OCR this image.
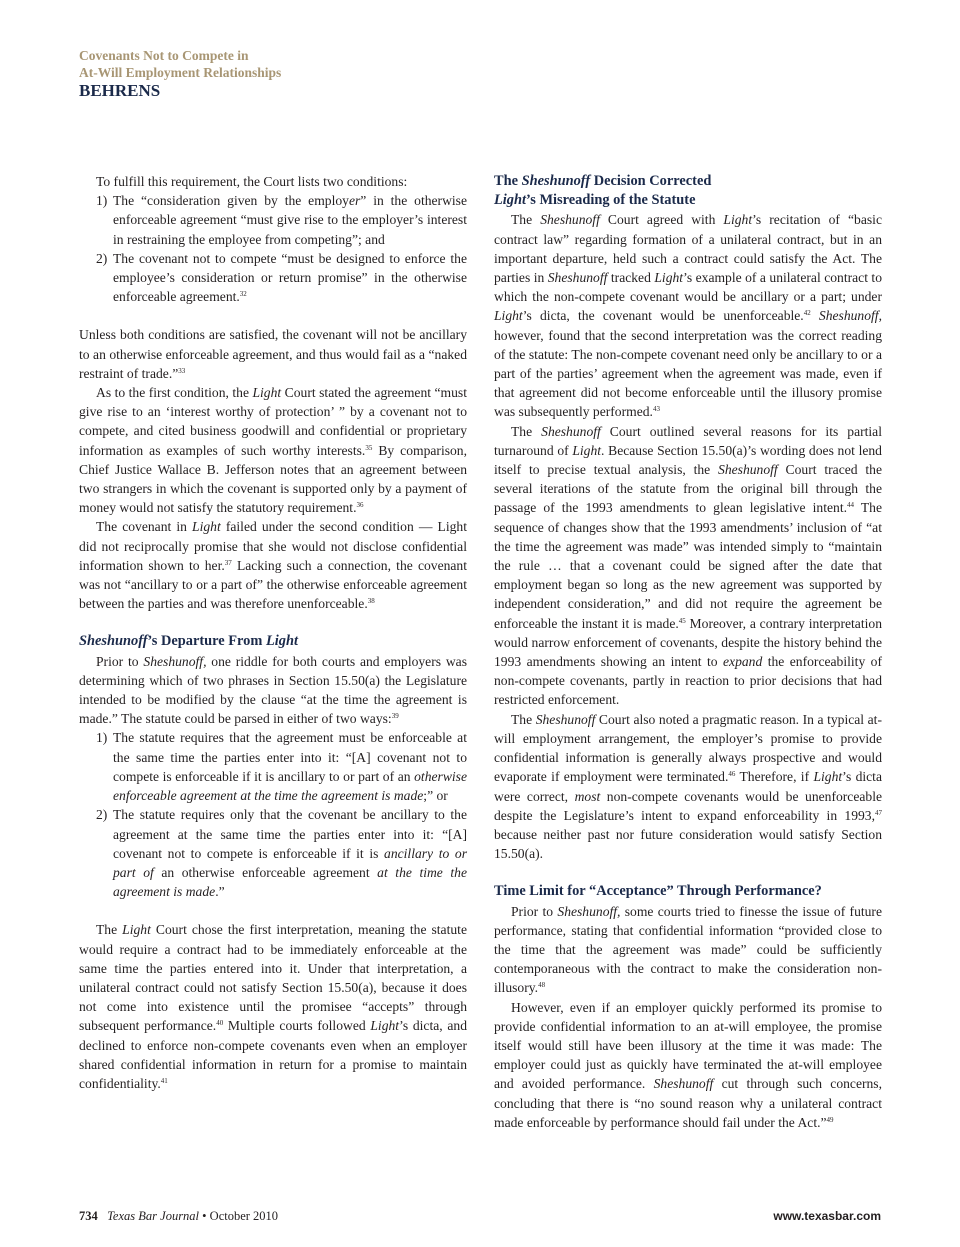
Covenants Not to Compete in
At-Will Employment Relationships
BEHRENS

To fulfill this requirement, the Court lists two conditions:

1) The “consideration given by the employer” in the otherwise enforceable agreement “must give rise to the employer’s interest in restraining the employee from competing”; and
2) The covenant not to compete “must be designed to enforce the employee’s consideration or return promise” in the otherwise enforceable agreement.$^{32}$

Unless both conditions are satisfied, the covenant will not be ancillary to an otherwise enforceable agreement, and thus would fail as a “naked restraint of trade.”$^{33}$

As to the first condition, the Light Court stated the agreement “must give rise to an ‘interest worthy of protection’ ” by a covenant not to compete, and cited business goodwill and confidential or proprietary information as examples of such worthy interests.$^{35}$ By comparison, Chief Justice Wallace B. Jefferson notes that an agreement between two strangers in which the covenant is supported only by a payment of money would not satisfy the statutory requirement.$^{36}$

The covenant in Light failed under the second condition — Light did not reciprocally promise that she would not disclose confidential information shown to her.$^{37}$ Lacking such a connection, the covenant was not “ancillary to or a part of” the otherwise enforceable agreement between the parties and was therefore unenforceable.$^{38}$

Sheshunoff’s Departure From Light

Prior to Sheshunoff, one riddle for both courts and employers was determining which of two phrases in Section 15.50(a) the Legislature intended to be modified by the clause “at the time the agreement is made.” The statute could be parsed in either of two ways:$^{39}$

1) The statute requires that the agreement must be enforceable at the same time the parties enter into it: “[A] covenant not to compete is enforceable if it is ancillary to or part of an otherwise enforceable agreement at the time the agreement is made;” or
2) The statute requires only that the covenant be ancillary to the agreement at the same time the parties enter into it: “[A] covenant not to compete is enforceable if it is ancillary to or part of an otherwise enforceable agreement at the time the agreement is made.”

The Light Court chose the first interpretation, meaning the statute would require a contract had to be immediately enforceable at the same time the parties entered into it. Under that interpretation, a unilateral contract could not satisfy Section 15.50(a), because it does not come into existence until the promisee “accepts” through subsequent performance.$^{40}$ Multiple courts followed Light’s dicta, and declined to enforce non-compete covenants even when an employer shared confidential information in return for a promise to maintain confidentiality.$^{41}$

The Sheshunoff Decision Corrected
Light’s Misreading of the Statute

The Sheshunoff Court agreed with Light’s recitation of “basic contract law” regarding formation of a unilateral contract, but in an important departure, held such a contract could satisfy the Act. The parties in Sheshunoff tracked Light’s example of a unilateral contract to which the non-compete covenant would be ancillary or a part; under Light’s dicta, the covenant would be unenforceable.$^{42}$ Sheshunoff, however, found that the second interpretation was the correct reading of the statute: The non-compete covenant need only be ancillary to or a part of the parties’ agreement when the agreement was made, even if that agreement did not become enforceable until the illusory promise was subsequently performed.$^{43}$

The Sheshunoff Court outlined several reasons for its partial turnaround of Light. Because Section 15.50(a)’s wording does not lend itself to precise textual analysis, the Sheshunoff Court traced the several iterations of the statute from the original bill through the passage of the 1993 amendments to glean legislative intent.$^{44}$ The sequence of changes show that the 1993 amendments’ inclusion of “at the time the agreement was made” was intended simply to “maintain the rule … that a covenant could be signed after the date that employment began so long as the new agreement was supported by independent consideration,” and did not require the agreement be enforceable the instant it is made.$^{45}$ Moreover, a contrary interpretation would narrow enforcement of covenants, despite the history behind the 1993 amendments showing an intent to expand the enforceability of non-compete covenants, partly in reaction to prior decisions that had restricted enforcement.

The Sheshunoff Court also noted a pragmatic reason. In a typical at-will employment arrangement, the employer’s promise to provide confidential information is generally always prospective and would evaporate if employment were terminated.$^{46}$ Therefore, if Light’s dicta were correct, most non-compete covenants would be unenforceable despite the Legislature’s intent to expand enforceability in 1993,47 because neither past nor future consideration would satisfy Section 15.50(a).

Time Limit for “Acceptance” Through Performance?

Prior to Sheshunoff, some courts tried to finesse the issue of future performance, stating that confidential information “provided close to the time that the agreement was made” could be sufficiently contemporaneous with the contract to make the consideration non-illusory.$^{48}$

However, even if an employer quickly performed its promise to provide confidential information to an at-will employee, the promise itself would still have been illusory at the time it was made: The employer could just as quickly have terminated the at-will employee and avoided performance. Sheshunoff cut through such concerns, concluding that there is “no sound reason why a unilateral contract made enforceable by performance should fail under the Act.”$^{49}$

734 Texas Bar Journal • October 2010	www.texasbar.com
